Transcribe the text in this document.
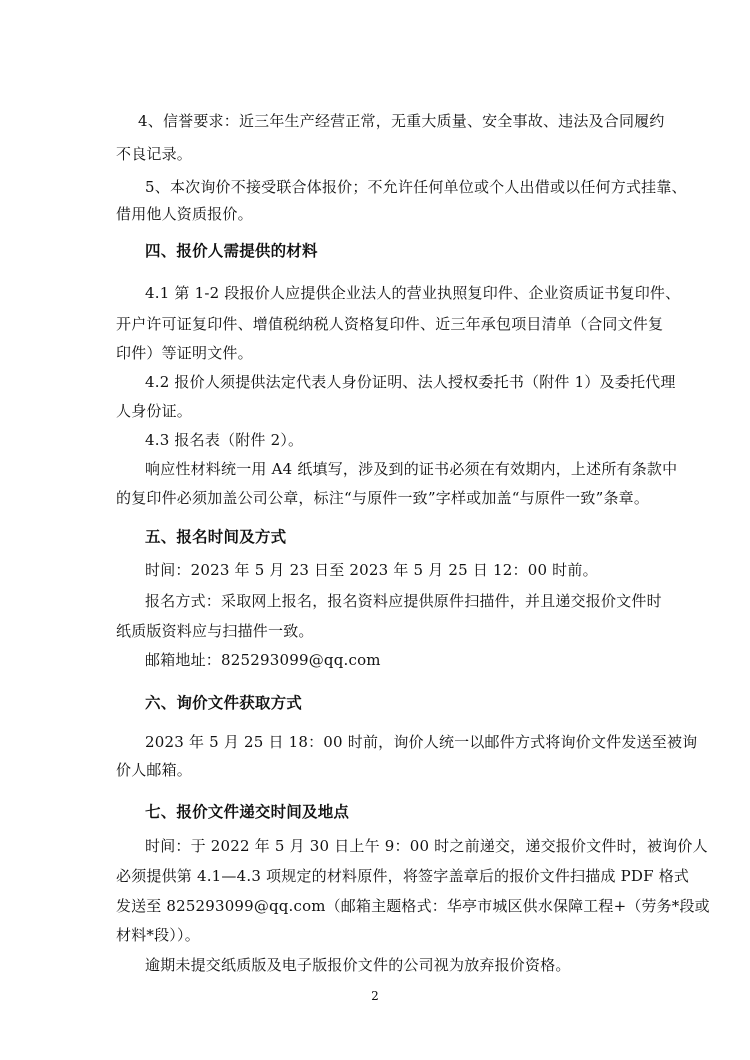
4、信誉要求：近三年生产经营正常，无重大质量、安全事故、违法及合同履约

不良记录。

5、本次询价不接受联合体报价；不允许任何单位或个人出借或以任何方式挂靠、

借用他人资质报价。

四、报价人需提供的材料

4.1 第 1-2 段报价人应提供企业法人的营业执照复印件、企业资质证书复印件、

开户许可证复印件、增值税纳税人资格复印件、近三年承包项目清单（合同文件复

印件）等证明文件。

4.2 报价人须提供法定代表人身份证明、法人授权委托书（附件 1）及委托代理

人身份证。

4.3 报名表（附件 2）。

响应性材料统一用 A4 纸填写，涉及到的证书必须在有效期内，上述所有条款中

的复印件必须加盖公司公章，标注“与原件一致”字样或加盖“与原件一致”条章。

五、报名时间及方式

时间：2023 年 5 月 23 日至 2023 年 5 月 25 日 12：00 时前。

报名方式：采取网上报名，报名资料应提供原件扫描件，并且递交报价文件时

纸质版资料应与扫描件一致。

邮箱地址：825293099@qq.com

六、询价文件获取方式

2023 年 5 月 25 日 18：00 时前，询价人统一以邮件方式将询价文件发送至被询

价人邮箱。

七、报价文件递交时间及地点

时间：于 2022 年 5 月 30 日上午 9：00 时之前递交，递交报价文件时，被询价人

必须提供第 4.1—4.3 项规定的材料原件，将签字盖章后的报价文件扫描成 PDF 格式

发送至 825293099@qq.com（邮箱主题格式：华亭市城区供水保障工程+（劳务*段或

材料*段））。

逾期未提交纸质版及电子版报价文件的公司视为放弃报价资格。

2
